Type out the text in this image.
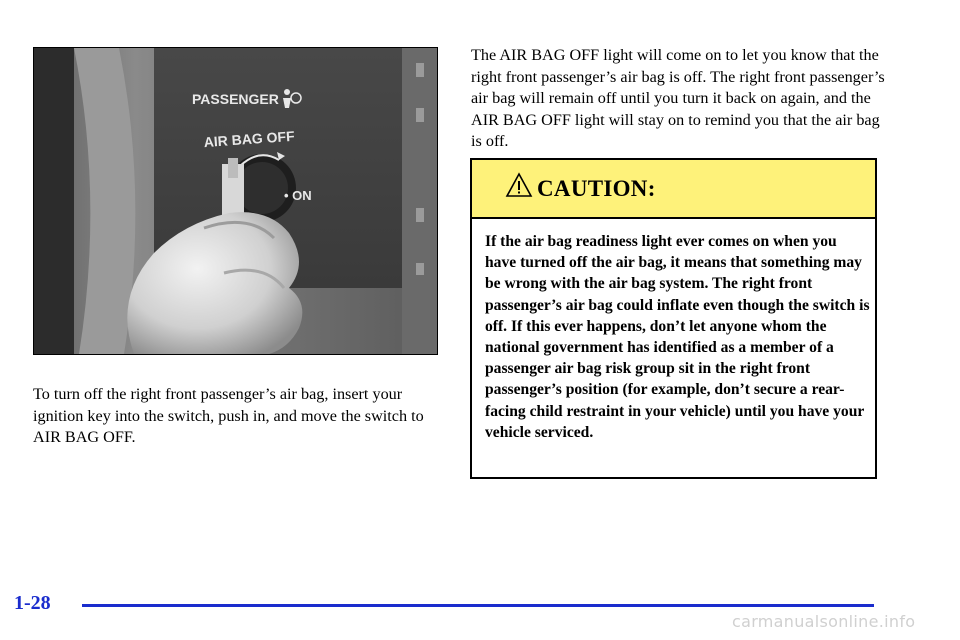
PASSENGER
AIR BAG OFF
• ON

To turn off the right front passenger’s air bag, insert your ignition key into the switch, push in, and move the switch to AIR BAG OFF.

The AIR BAG OFF light will come on to let you know that the right front passenger’s air bag is off. The right front passenger’s air bag will remain off until you turn it back on again, and the AIR BAG OFF light will stay on to remind you that the air bag is off.

CAUTION:

If the air bag readiness light ever comes on when you have turned off the air bag, it means that something may be wrong with the air bag system. The right front passenger’s air bag could inflate even though the switch is off. If this ever happens, don’t let anyone whom the national government has identified as a member of a passenger air bag risk group sit in the right front passenger’s position (for example, don’t secure a rear-facing child restraint in your vehicle) until you have your vehicle serviced.

1-28
carmanualsonline.info
